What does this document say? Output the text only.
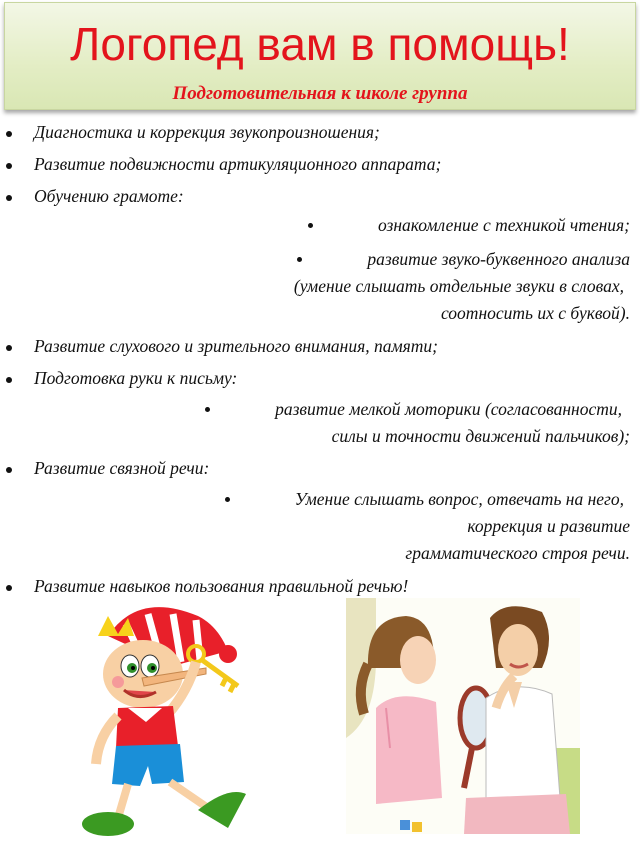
Логопед вам в помощь!
Подготовительная к школе группа
Диагностика и коррекция звукопроизношения;
Развитие подвижности артикуляционного аппарата;
Обучению грамоте:
ознакомление с техникой чтения;
развитие звуко-буквенного анализа
(умение слышать отдельные звуки в словах,
соотносить их с буквой).
Развитие слухового и зрительного внимания, памяти;
Подготовка руки к письму:
развитие мелкой моторики (согласованности,
силы и точности движений пальчиков);
Развитие связной речи:
Умение слышать вопрос, отвечать на него,
коррекция и развитие
грамматического строя речи.
Развитие навыков пользования правильной речью!
